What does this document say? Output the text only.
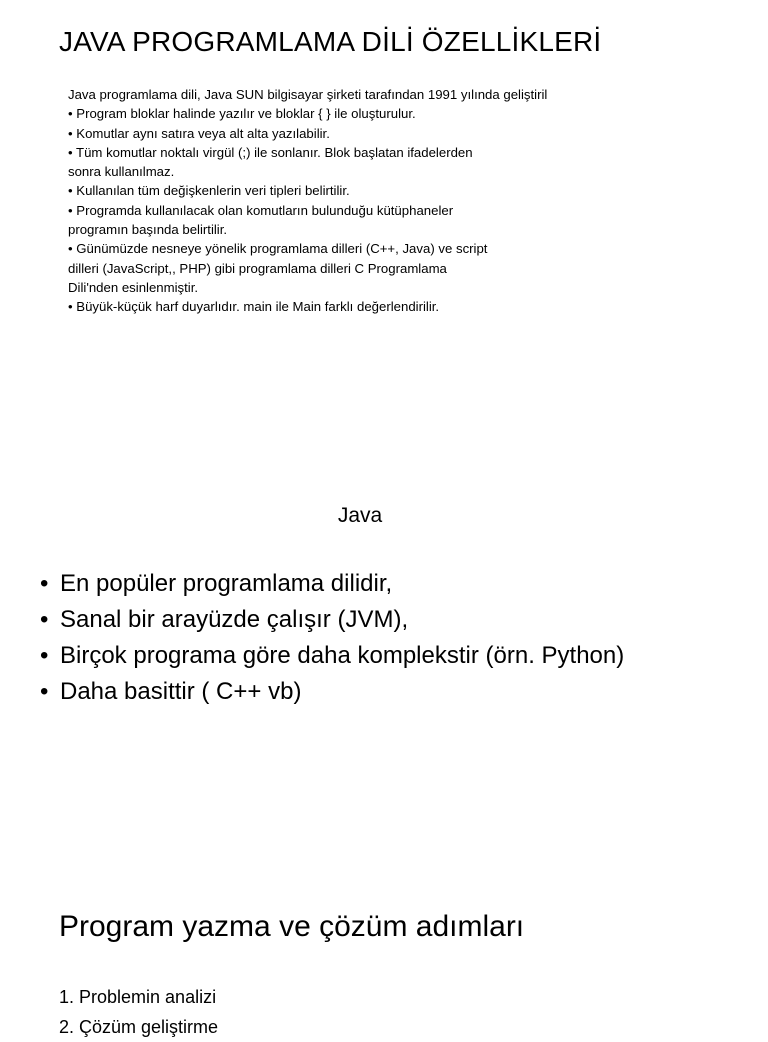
JAVA PROGRAMLAMA DİLİ ÖZELLİKLERİ
Java programlama dili, Java SUN bilgisayar şirketi tarafından 1991 yılında geliştiril
• Program bloklar halinde yazılır ve bloklar { } ile oluşturulur.
• Komutlar aynı satıra veya alt alta yazılabilir.
• Tüm komutlar noktalı virgül (;) ile sonlanır. Blok başlatan ifadelerden
sonra kullanılmaz.
• Kullanılan tüm değişkenlerin veri tipleri belirtilir.
• Programda kullanılacak olan komutların bulunduğu kütüphaneler
programın başında belirtilir.
• Günümüzde nesneye yönelik programlama dilleri (C++, Java) ve script
dilleri (JavaScript,, PHP) gibi programlama dilleri C Programlama
Dili'nden esinlenmiştir.
• Büyük-küçük harf duyarlıdır. main ile Main farklı değerlendirilir.
Java
• En popüler programlama dilidir,
• Sanal bir arayüzde çalışır (JVM),
• Birçok programa göre daha komplekstir (örn. Python)
• Daha basittir ( C++ vb)
Program yazma ve çözüm adımları
1. Problemin analizi
2. Çözüm geliştirme
